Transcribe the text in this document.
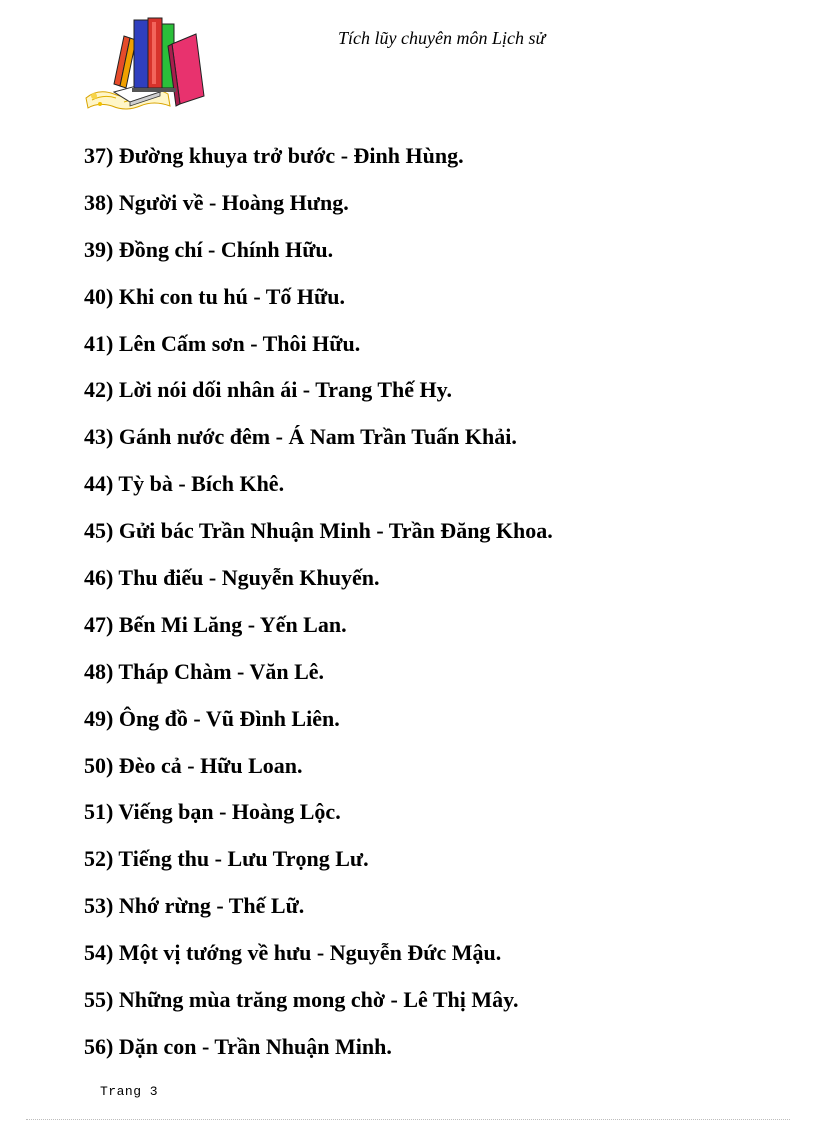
Tích lũy chuyên môn Lịch sử
37) Đường khuya trở bước - Đinh Hùng.
38) Người về - Hoàng Hưng.
39) Đồng chí - Chính Hữu.
40) Khi con tu hú - Tố Hữu.
41) Lên Cấm sơn - Thôi Hữu.
42) Lời nói dối nhân ái - Trang Thế Hy.
43) Gánh nước đêm - Á Nam Trần Tuấn Khải.
44) Tỳ bà - Bích Khê.
45) Gửi bác Trần Nhuận Minh - Trần Đăng Khoa.
46) Thu điếu - Nguyễn Khuyến.
47) Bến Mi Lăng - Yến Lan.
48) Tháp Chàm - Văn Lê.
49) Ông đồ - Vũ Đình Liên.
50) Đèo cả - Hữu Loan.
51) Viếng bạn - Hoàng Lộc.
52) Tiếng thu - Lưu Trọng Lư.
53) Nhớ rừng - Thế Lữ.
54) Một vị tướng về hưu - Nguyễn Đức Mậu.
55) Những mùa trăng mong chờ - Lê Thị Mây.
56) Dặn con - Trần Nhuận Minh.
Trang 3
